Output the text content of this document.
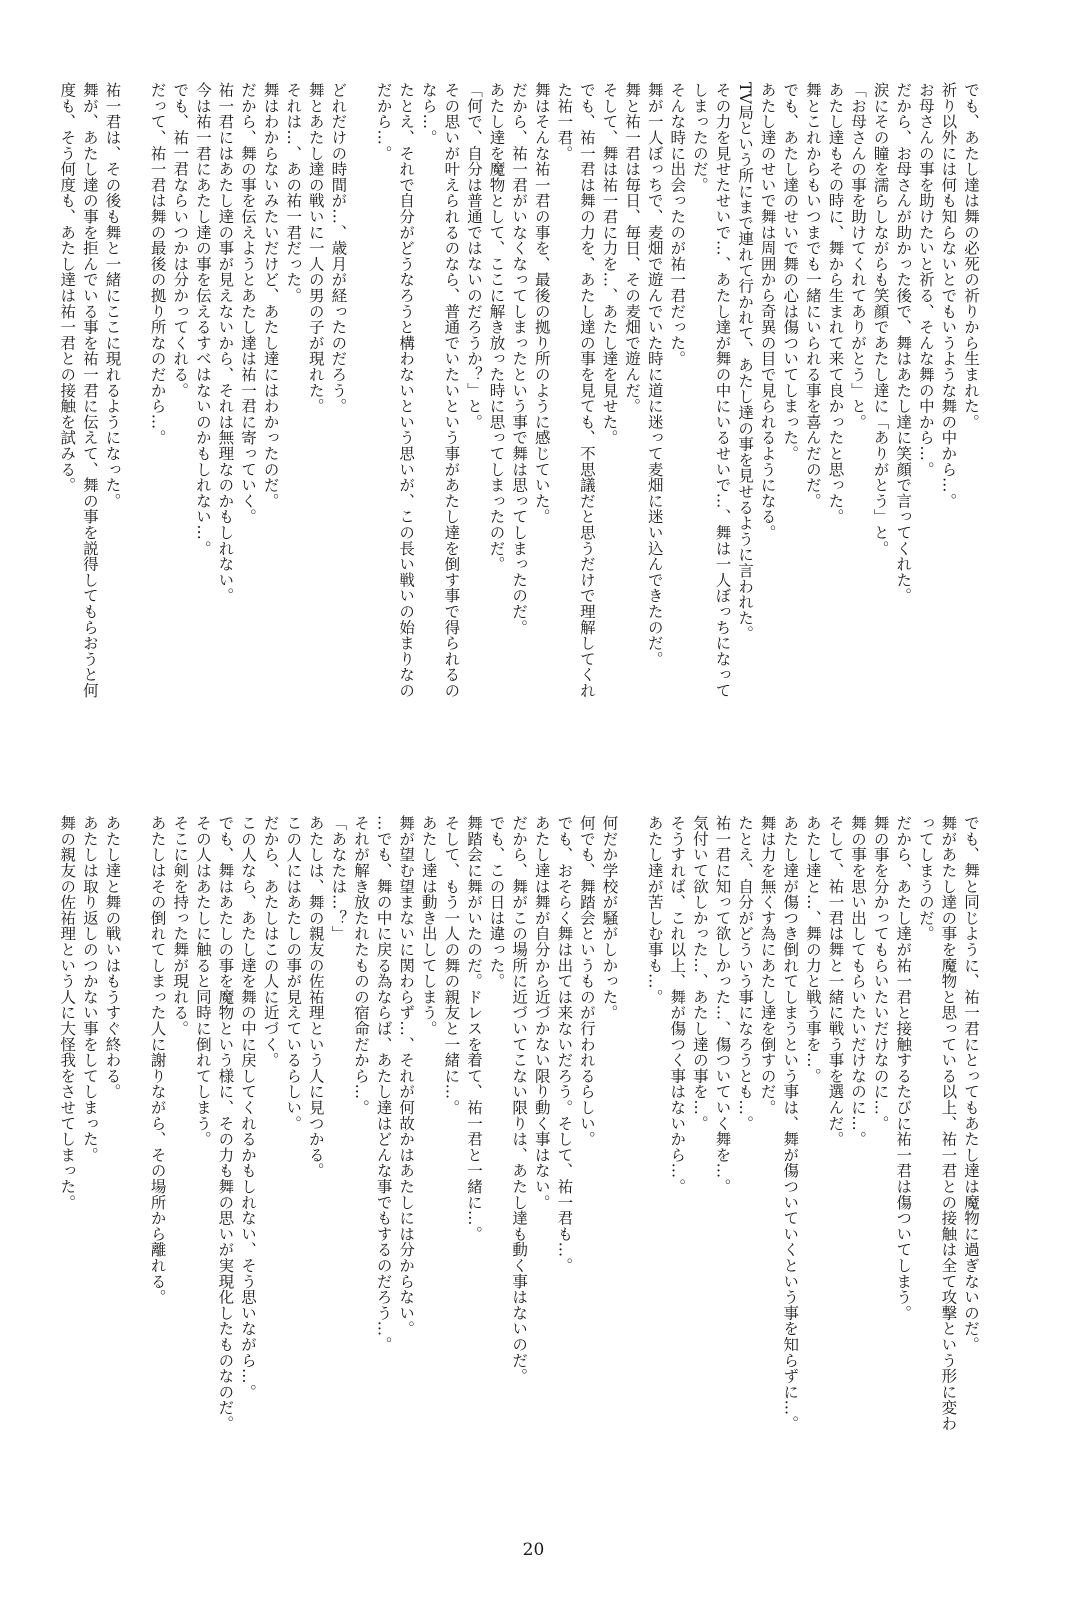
でも、あたし達は舞の必死の祈りから生まれた。
祈り以外には何も知らないとでもいうような舞の中から…。
お母さんの事を助けたいと祈る、そんな舞の中から…。
だから、お母さんが助かった後で、舞はあたし達に笑顔で言ってくれた。
涙にその瞳を濡らしながらも笑顔であたし達に「ありがとう」と。
「お母さんの事を助けてくれてありがとう」と。
あたし達もその時に、舞から生まれて来て良かったと思った。
舞とこれからもいつまでも一緒にいられる事を喜んだのだ。
でも、あたし達のせいで舞の心は傷ついてしまった。
あたし達のせいで舞は周囲から奇異の目で見られるようになる。
TV局という所にまで連れて行かれて、あたし達の事を見せるように言われた。
その力を見せたせいで…、あたし達が舞の中にいるせいで…、舞は一人ぼっちになって
しまったのだ。
そんな時に出会ったのが祐一君だった。
舞が一人ぼっちで、麦畑で遊んでいた時に道に迷って麦畑に迷い込んできたのだ。
舞と祐一君は毎日、毎日、その麦畑で遊んだ。
そして、舞は祐一君に力を…、あたし達を見せた。
でも、祐一君は舞の力を、あたし達の事を見ても、不思議だと思うだけで理解してくれ
た祐一君。
舞はそんな祐一君の事を、最後の拠り所のように感じていた。
だから、祐一君がいなくなってしまったという事で舞は思ってしまったのだ。
あたし達を魔物として、ここに解き放った時に思ってしまったのだ。
「何で、自分は普通ではないのだろうか？」と。
その思いが叶えられるのなら、普通でいたいという事があたし達を倒す事で得られるの
なら…。
たとえ、それで自分がどうなろうと構わないという思いが、この長い戦いの始まりなの
だから…。

どれだけの時間が…、歳月が経ったのだろう。
舞とあたし達の戦いに一人の男の子が現れた。
それは…、あの祐一君だった。
舞はわからないみたいだけど、あたし達にはわかったのだ。
だから、舞の事を伝えようとあたし達は祐一君に寄っていく。
祐一君にはあたし達の事が見えないから、それは無理なのかもしれない。
今は祐一君にあたし達の事を伝えるすべはないのかもしれない…。
でも、祐一君ならいつかは分かってくれる。
だって、祐一君は舞の最後の拠り所なのだから…。

祐一君は、その後も舞と一緒にここに現れるようになった。
舞が、あたし達の事を拒んでいる事を祐一君に伝えて、舞の事を説得してもらおうと何
度も、そう何度も、あたし達は祐一君との接触を試みる。
でも、舞と同じように、祐一君にとってもあたし達は魔物に過ぎないのだ。
舞があたし達の事を魔物と思っている以上、祐一君との接触は全て攻撃という形に変わ
ってしまうのだ。
だから、あたし達が祐一君と接触するたびに祐一君は傷ついてしまう。
舞の事を分かってもらいたいだけなのに…。
舞の事を思い出してもらいたいだけなのに…。
そして、祐一君は舞と一緒に戦う事を選んだ。
あたし達と…、舞の力と戦う事を…。
あたし達が傷つき倒れてしまうという事は、舞が傷ついていくという事を知らずに…。
舞は力を無くす為にあたし達を倒すのだ。
たとえ、自分がどういう事になろうとも…。
祐一君に知って欲しかった…、傷ついていく舞を…。
気付いて欲しかった…、あたし達の事を…。
そうすれば、これ以上、舞が傷つく事はないから…。
あたし達が苦しむ事も…。

何だか学校が騒がしかった。
何でも、舞踏会というものが行われるらしい。
でも、おそらく舞は出ては来ないだろう。そして、祐一君も…。
あたし達は舞が自分から近づかない限り動く事はない。
だから、舞がこの場所に近づいてこない限りは、あたし達も動く事はないのだ。
でも、この日は違った。
舞踏会に舞がいたのだ。ドレスを着て、祐一君と一緒に…。
そして、もう一人の舞の親友と一緒に…。
あたし達は動き出してしまう。
舞が望む望まないに関わらず…、それが何故かはあたしには分からない。
…でも、舞の中に戻る為ならば、あたし達はどんな事でもするのだろう…。
それが解き放たれたものの宿命だから…。
「あなたは…？」
あたしは、舞の親友の佐祐理という人に見つかる。
この人にはあたしの事が見えているらしい。
だから、あたしはこの人に近づく。
この人なら、あたし達を舞の中に戻してくれるかもしれない、そう思いながら…。
でも、舞はあたしの事を魔物という様に、その力も舞の思いが実現化したものなのだ。
その人はあたしに触ると同時に倒れてしまう。
そこに剣を持った舞が現れる。
あたしはその倒れてしまった人に謝りながら、その場所から離れる。

あたし達と舞の戦いはもうすぐ終わる。
あたしは取り返しのつかない事をしてしまった。
舞の親友の佐祐理という人に大怪我をさせてしまった。
20
